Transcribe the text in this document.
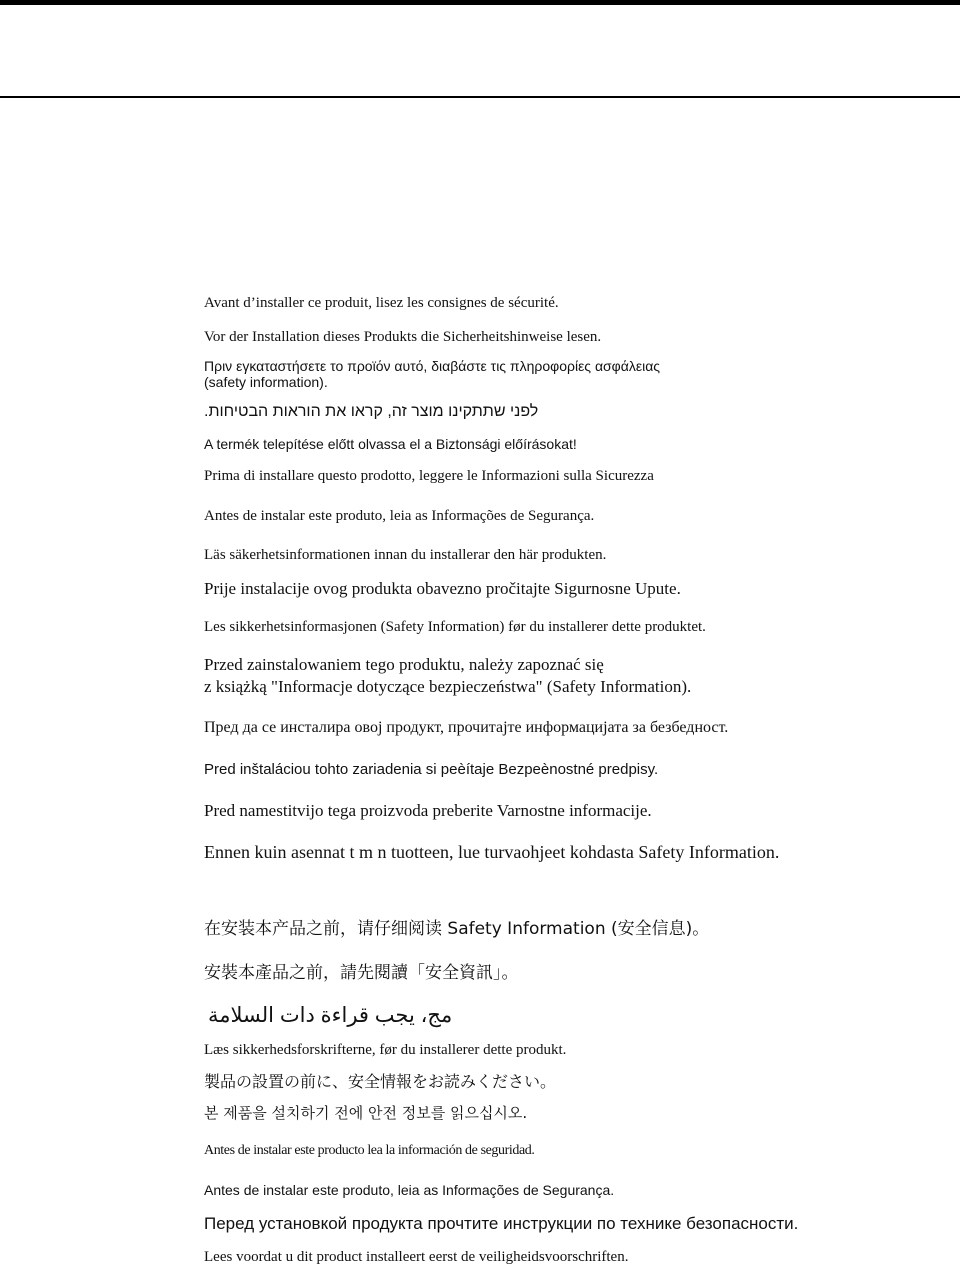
Avant d’installer ce produit, lisez les consignes de sécurité.

Vor der Installation dieses Produkts die Sicherheitshinweise lesen.

Πριν εγκαταστήσετε το προϊόν αυτό, διαβάστε τις πληροφορίες ασφάλειας

(safety information).

לפני שתתקינו מוצר זה, קראו את הוראות הבטיחות.

A termék telepítése előtt olvassa el a Biztonsági előírásokat!

Prima di installare questo prodotto, leggere le Informazioni sulla Sicurezza

Antes de instalar este produto, leia as Informações de Segurança.

Läs säkerhetsinformationen innan du installerar den här produkten.

Prije instalacije ovog produkta obavezno pročitajte Sigurnosne Upute.

Les sikkerhetsinformasjonen (Safety Information) før du installerer dette produktet.

Przed zainstalowaniem tego produktu, należy zapoznać się

z książką "Informacje dotyczące bezpieczeństwa" (Safety Information).

Пред да се инсталира овој продукт, прочитајте информацијата за безбедност.

Pred inštaláciou tohto zariadenia si peèítaje Bezpeènostné predpisy.

Pred namestitvijo tega proizvoda preberite Varnostne informacije.

Ennen kuin asennat t m n tuotteen, lue turvaohjeet kohdasta Safety Information.

在安装本产品之前，请仔细阅读 Safety Information (安全信息)。

安裝本產品之前，請先閱讀「安全資訊」。

مج، يجب قراءة دات السلامة

Læs sikkerhedsforskrifterne, før du installerer dette produkt.

製品の設置の前に、安全情報をお読みください。

본 제품을 설치하기 전에 안전 정보를 읽으십시오.

Antes de instalar este producto lea la información de seguridad.

Antes de instalar este produto, leia as Informações de Segurança.

Перед установкой продукта прочтите инструкции по технике безопасности.

Lees voordat u dit product installeert eerst de veiligheidsvoorschriften.
